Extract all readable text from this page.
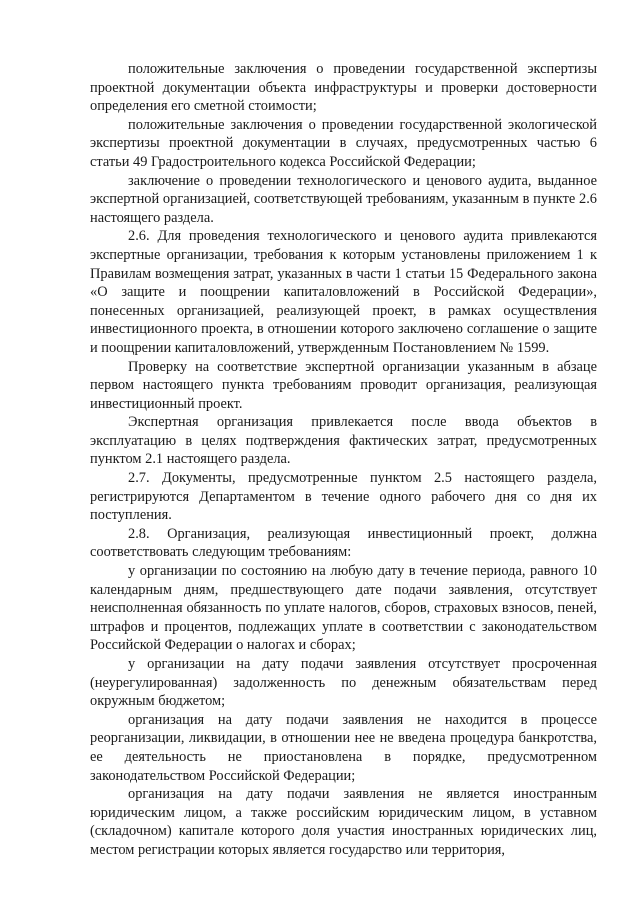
положительные заключения о проведении государственной экспертизы проектной документации объекта инфраструктуры и проверки достоверности определения его сметной стоимости;

положительные заключения о проведении государственной экологической экспертизы проектной документации в случаях, предусмотренных частью 6 статьи 49 Градостроительного кодекса Российской Федерации;

заключение о проведении технологического и ценового аудита, выданное экспертной организацией, соответствующей требованиям, указанным в пункте 2.6 настоящего раздела.

2.6. Для проведения технологического и ценового аудита привлекаются экспертные организации, требования к которым установлены приложением 1 к Правилам возмещения затрат, указанных в части 1 статьи 15 Федерального закона «О защите и поощрении капиталовложений в Российской Федерации», понесенных организацией, реализующей проект, в рамках осуществления инвестиционного проекта, в отношении которого заключено соглашение о защите и поощрении капиталовложений, утвержденным Постановлением № 1599.

Проверку на соответствие экспертной организации указанным в абзаце первом настоящего пункта требованиям проводит организация, реализующая инвестиционный проект.

Экспертная организация привлекается после ввода объектов в эксплуатацию в целях подтверждения фактических затрат, предусмотренных пунктом 2.1 настоящего раздела.

2.7. Документы, предусмотренные пунктом 2.5 настоящего раздела, регистрируются Департаментом в течение одного рабочего дня со дня их поступления.

2.8. Организация, реализующая инвестиционный проект, должна соответствовать следующим требованиям:

у организации по состоянию на любую дату в течение периода, равного 10 календарным дням, предшествующего дате подачи заявления, отсутствует неисполненная обязанность по уплате налогов, сборов, страховых взносов, пеней, штрафов и процентов, подлежащих уплате в соответствии с законодательством Российской Федерации о налогах и сборах;

у организации на дату подачи заявления отсутствует просроченная (неурегулированная) задолженность по денежным обязательствам перед окружным бюджетом;

организация на дату подачи заявления не находится в процессе реорганизации, ликвидации, в отношении нее не введена процедура банкротства, ее деятельность не приостановлена в порядке, предусмотренном законодательством Российской Федерации;

организация на дату подачи заявления не является иностранным юридическим лицом, а также российским юридическим лицом, в уставном (складочном) капитале которого доля участия иностранных юридических лиц, местом регистрации которых является государство или территория,
